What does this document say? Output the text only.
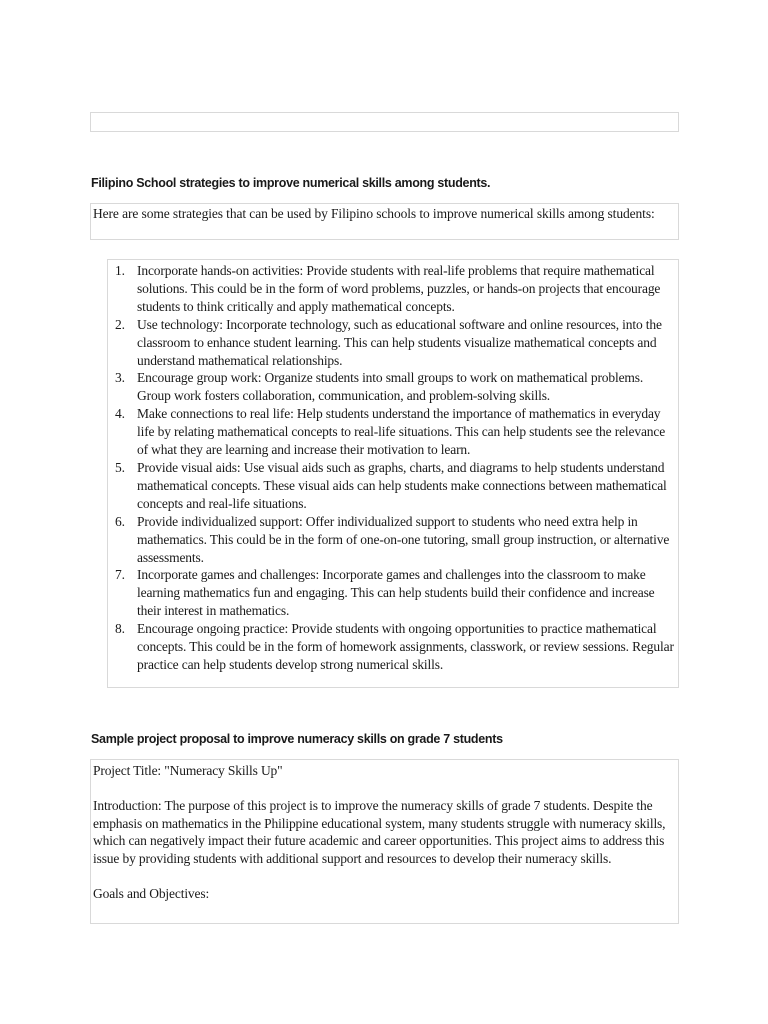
Filipino School strategies to improve numerical skills among students.
Here are some strategies that can be used by Filipino schools to improve numerical skills among students:
1. Incorporate hands-on activities: Provide students with real-life problems that require mathematical solutions. This could be in the form of word problems, puzzles, or hands-on projects that encourage students to think critically and apply mathematical concepts.
2. Use technology: Incorporate technology, such as educational software and online resources, into the classroom to enhance student learning. This can help students visualize mathematical concepts and understand mathematical relationships.
3. Encourage group work: Organize students into small groups to work on mathematical problems. Group work fosters collaboration, communication, and problem-solving skills.
4. Make connections to real life: Help students understand the importance of mathematics in everyday life by relating mathematical concepts to real-life situations. This can help students see the relevance of what they are learning and increase their motivation to learn.
5. Provide visual aids: Use visual aids such as graphs, charts, and diagrams to help students understand mathematical concepts. These visual aids can help students make connections between mathematical concepts and real-life situations.
6. Provide individualized support: Offer individualized support to students who need extra help in mathematics. This could be in the form of one-on-one tutoring, small group instruction, or alternative assessments.
7. Incorporate games and challenges: Incorporate games and challenges into the classroom to make learning mathematics fun and engaging. This can help students build their confidence and increase their interest in mathematics.
8. Encourage ongoing practice: Provide students with ongoing opportunities to practice mathematical concepts. This could be in the form of homework assignments, classwork, or review sessions. Regular practice can help students develop strong numerical skills.
Sample project proposal to improve numeracy skills on grade 7 students

Project Title: "Numeracy Skills Up"

Introduction: The purpose of this project is to improve the numeracy skills of grade 7 students. Despite the emphasis on mathematics in the Philippine educational system, many students struggle with numeracy skills, which can negatively impact their future academic and career opportunities. This project aims to address this issue by providing students with additional support and resources to develop their numeracy skills.

Goals and Objectives:
